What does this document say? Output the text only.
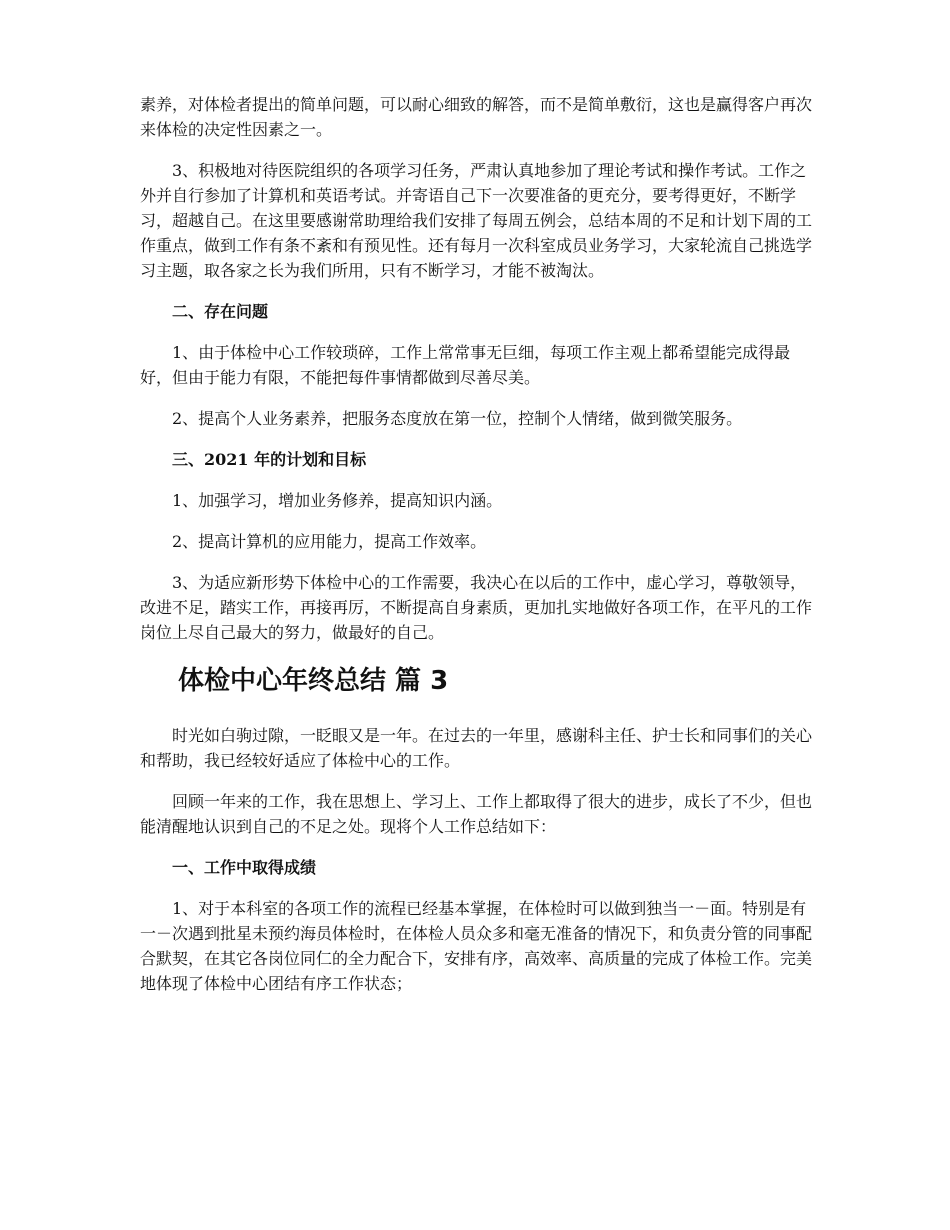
素养，对体检者提出的简单问题，可以耐心细致的解答，而不是简单敷衍，这也是赢得客户再次来体检的决定性因素之一。

3、积极地对待医院组织的各项学习任务，严肃认真地参加了理论考试和操作考试。工作之外并自行参加了计算机和英语考试。并寄语自己下一次要准备的更充分，要考得更好，不断学习，超越自己。在这里要感谢常助理给我们安排了每周五例会，总结本周的不足和计划下周的工作重点，做到工作有条不紊和有预见性。还有每月一次科室成员业务学习，大家轮流自己挑选学习主题，取各家之长为我们所用，只有不断学习，才能不被淘汰。

二、存在问题

1、由于体检中心工作较琐碎，工作上常常事无巨细，每项工作主观上都希望能完成得最好，但由于能力有限，不能把每件事情都做到尽善尽美。

2、提高个人业务素养，把服务态度放在第一位，控制个人情绪，做到微笑服务。

三、2021 年的计划和目标

1、加强学习，增加业务修养，提高知识内涵。

2、提高计算机的应用能力，提高工作效率。

3、为适应新形势下体检中心的工作需要，我决心在以后的工作中，虚心学习，尊敬领导，改进不足，踏实工作，再接再厉，不断提高自身素质，更加扎实地做好各项工作，在平凡的工作岗位上尽自己最大的努力，做最好的自己。

体检中心年终总结 篇 3

时光如白驹过隙，一眨眼又是一年。在过去的一年里，感谢科主任、护士长和同事们的关心和帮助，我已经较好适应了体检中心的工作。

回顾一年来的工作，我在思想上、学习上、工作上都取得了很大的进步，成长了不少，但也能清醒地认识到自己的不足之处。现将个人工作总结如下：

一、工作中取得成绩

1、对于本科室的各项工作的流程已经基本掌握，在体检时可以做到独当一－面。特别是有一－次遇到批星未预约海员体检时，在体检人员众多和毫无准备的情况下，和负责分管的同事配合默契，在其它各岗位同仁的全力配合下，安排有序，高效率、高质量的完成了体检工作。完美地体现了体检中心团结有序工作状态；
